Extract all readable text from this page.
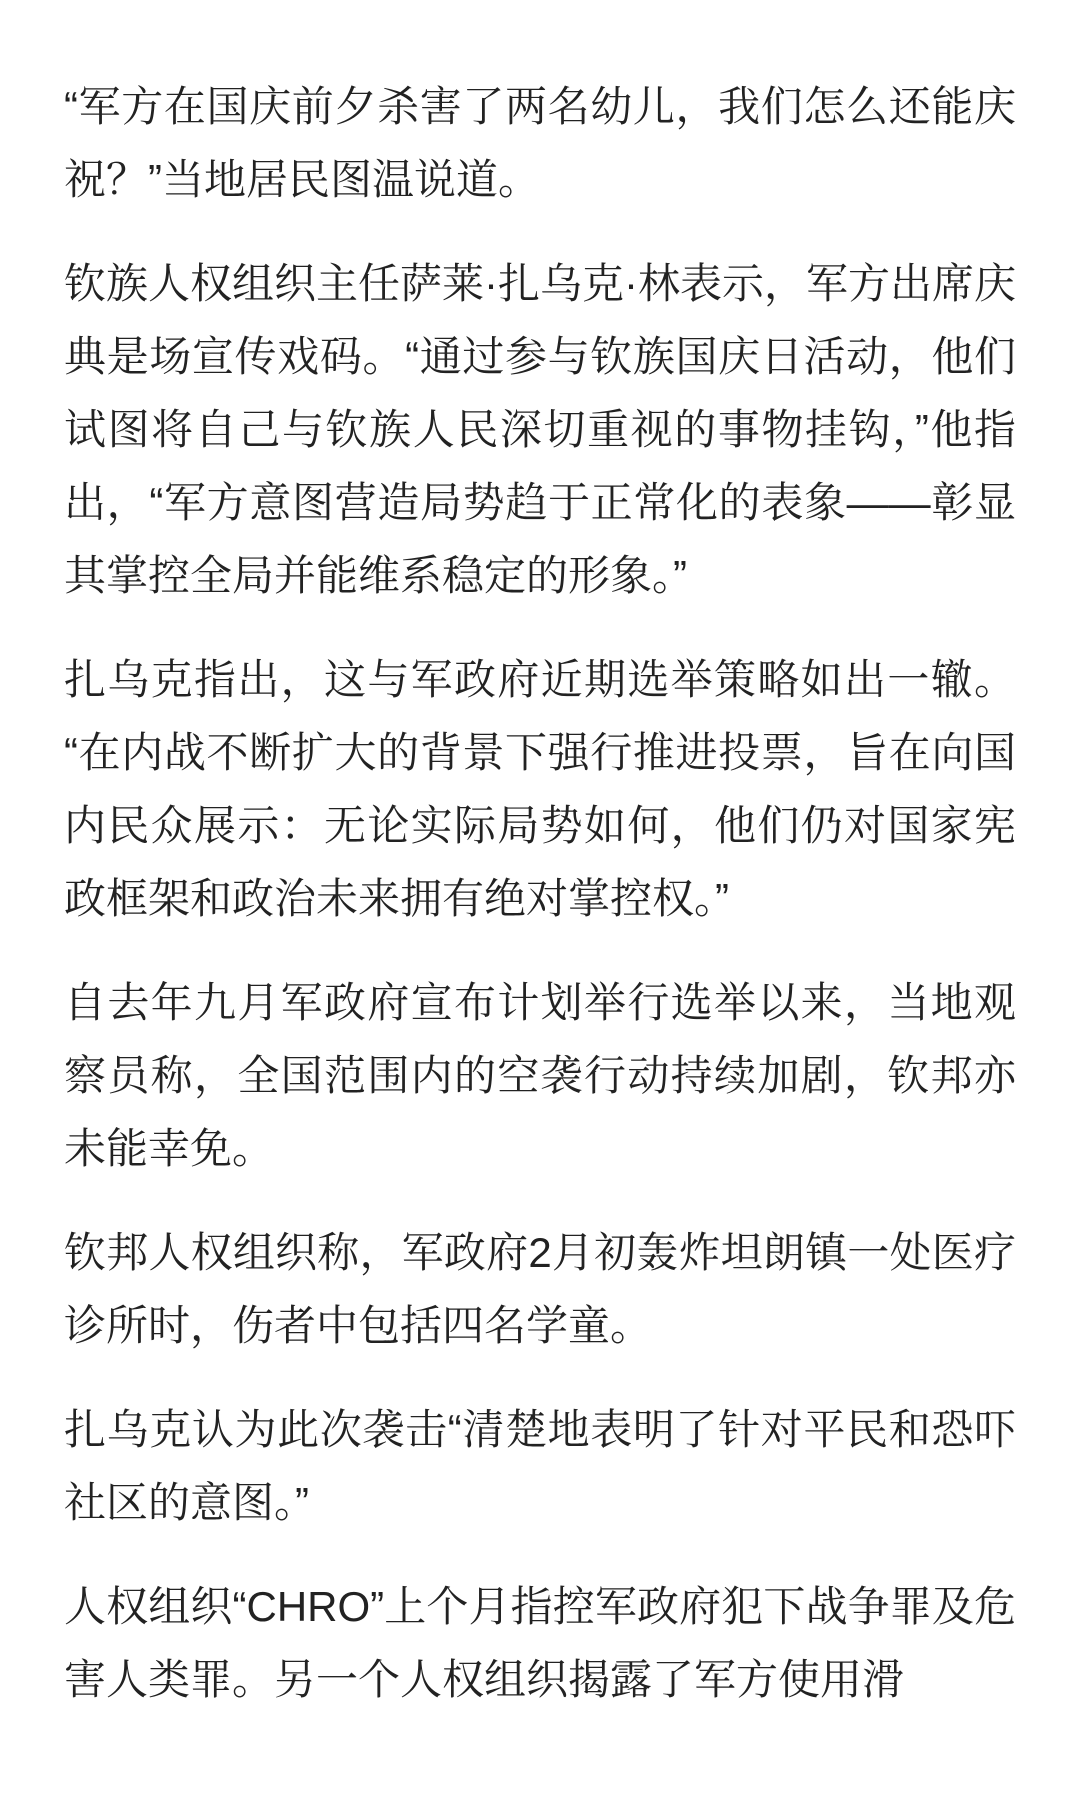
“军方在国庆前夕杀害了两名幼儿，我们怎么还能庆祝？”当地居民图温说道。

钦族人权组织主任萨莱·扎乌克·林表示，军方出席庆典是场宣传戏码。“通过参与钦族国庆日活动，他们试图将自己与钦族人民深切重视的事物挂钩，”他指出，“军方意图营造局势趋于正常化的表象——彰显其掌控全局并能维系稳定的形象。”

扎乌克指出，这与军政府近期选举策略如出一辙。“在内战不断扩大的背景下强行推进投票，旨在向国内民众展示：无论实际局势如何，他们仍对国家宪政框架和政治未来拥有绝对掌控权。”

自去年九月军政府宣布计划举行选举以来，当地观察员称，全国范围内的空袭行动持续加剧，钦邦亦未能幸免。

钦邦人权组织称，军政府2月初轰炸坦朗镇一处医疗诊所时，伤者中包括四名学童。

扎乌克认为此次袭击“清楚地表明了针对平民和恐吓社区的意图。”

人权组织“CHRO”上个月指控军政府犯下战争罪及危害人类罪。另一个人权组织揭露了军方使用滑
